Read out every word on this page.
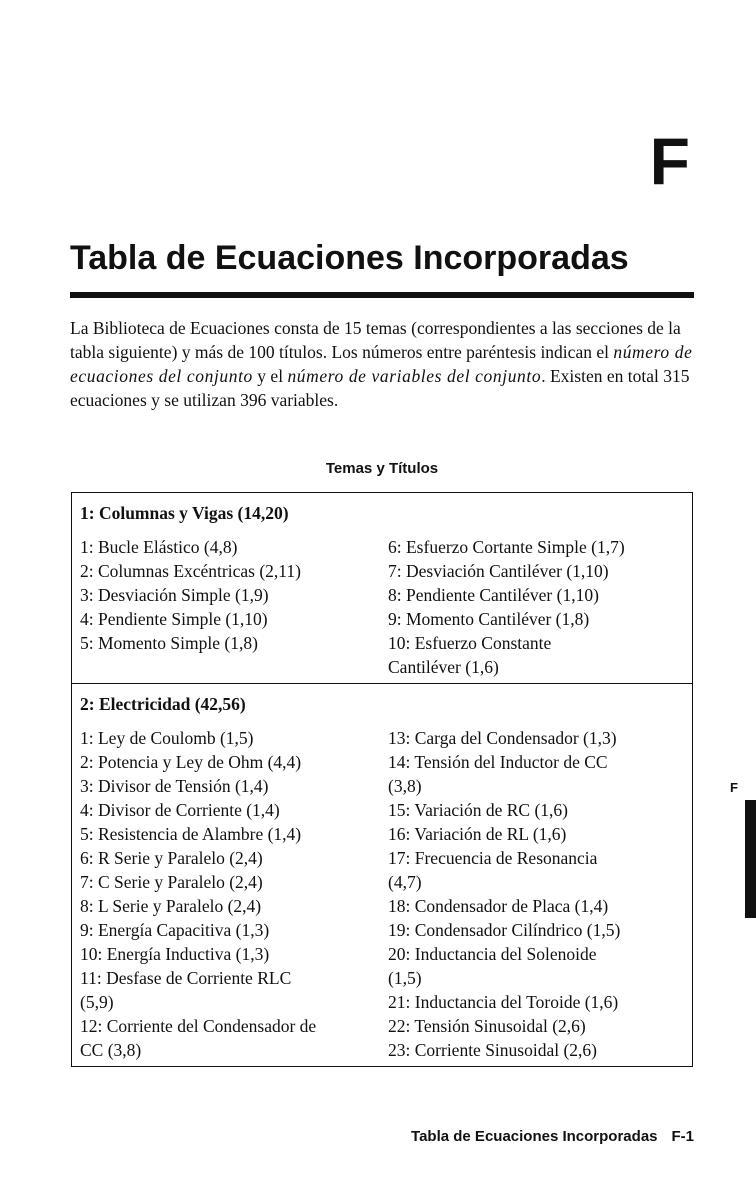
F
Tabla de Ecuaciones Incorporadas

La Biblioteca de Ecuaciones consta de 15 temas (correspondientes a las secciones de la tabla siguiente) y más de 100 títulos. Los números entre paréntesis indican el número de ecuaciones del conjunto y el número de variables del conjunto. Existen en total 315 ecuaciones y se utilizan 396 variables.

Temas y Títulos
1: Columnas y Vigas (14,20)
1: Bucle Elástico (4,8)
2: Columnas Excéntricas (2,11)
3: Desviación Simple (1,9)
4: Pendiente Simple (1,10)
5: Momento Simple (1,8)
6: Esfuerzo Cortante Simple (1,7)
7: Desviación Cantiléver (1,10)
8: Pendiente Cantiléver (1,10)
9: Momento Cantiléver (1,8)
10: Esfuerzo Constante
Cantiléver (1,6)
2: Electricidad (42,56)
1: Ley de Coulomb (1,5)
2: Potencia y Ley de Ohm (4,4)
3: Divisor de Tensión (1,4)
4: Divisor de Corriente (1,4)
5: Resistencia de Alambre (1,4)
6: R Serie y Paralelo (2,4)
7: C Serie y Paralelo (2,4)
8: L Serie y Paralelo (2,4)
9: Energía Capacitiva (1,3)
10: Energía Inductiva (1,3)
11: Desfase de Corriente RLC
(5,9)
12: Corriente del Condensador de
CC (3,8)
13: Carga del Condensador (1,3)
14: Tensión del Inductor de CC
(3,8)
15: Variación de RC (1,6)
16: Variación de RL (1,6)
17: Frecuencia de Resonancia
(4,7)
18: Condensador de Placa (1,4)
19: Condensador Cilíndrico (1,5)
20: Inductancia del Solenoide
(1,5)
21: Inductancia del Toroide (1,6)
22: Tensión Sinusoidal (2,6)
23: Corriente Sinusoidal (2,6)
F
Tabla de Ecuaciones Incorporadas F-1
